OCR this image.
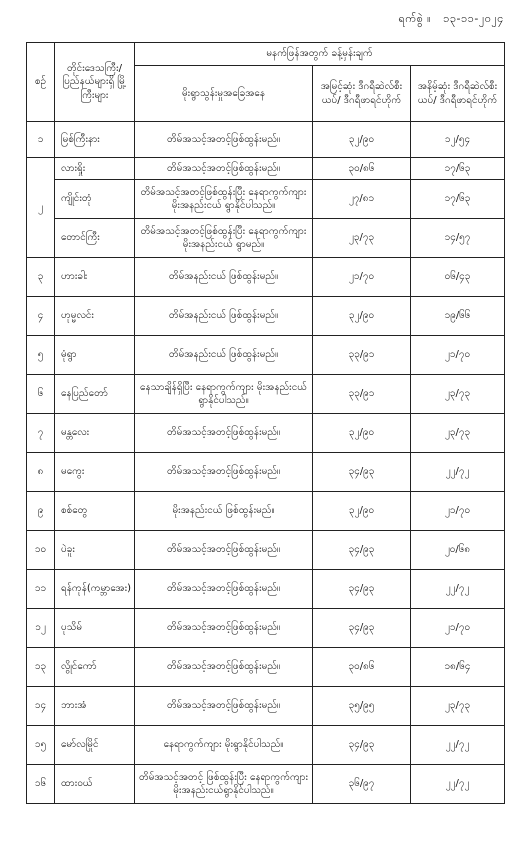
ရက်စွဲ ။ ၁၃-၁၁-၂၀၂၄
စဉ်	တိုင်းဒေသကြီး/ ပြည်နယ်များရှိ မြို့ကြီးများ	မနက်ဖြန်အတွက် ခန့်မှန်းချက်		
		မိုးရွာသွန်းမှုအခြေအနေ	အမြင့်ဆုံး ဒီဂရီဆဲလ်စီးယပ်/ ဒီဂရီဖာရင်ဟိုက်	အနိမ့်ဆုံး ဒီဂရီဆဲလ်စီးယပ်/ ဒီဂရီဖာရင်ဟိုက်
၁	မြစ်ကြီးနား	တိမ်အသင့်အတင့်ဖြစ်ထွန်းမည်။	၃၂/၉၀	၁၂/၅၄
၂	လားရှိုး	တိမ်အသင့်အတင့်ဖြစ်ထွန်းမည်။	၃၀/၈၆	၁၇/၆၃
	ကျိုင်းတုံ	တိမ်အသင့်အတင့်ဖြစ်ထွန်းပြီး နေရာကွက်ကျား မိုးအနည်းငယ် ရွာနိုင်ပါသည်။	၂၇/၈၁	၁၇/၆၃
	တောင်ကြီး	တိမ်အသင့်အတင့်ဖြစ်ထွန်းပြီး နေရာကွက်ကျား မိုးအနည်းငယ် ရွာမည်။	၂၃/၇၃	၁၄/၅၇
၃	ဟားခါး	တိမ်အနည်းငယ် ဖြစ်ထွန်းမည်။	၂၁/၇၀	၀၆/၄၃
၄	ဟုမ္မလင်း	တိမ်အနည်းငယ် ဖြစ်ထွန်းမည်။	၃၂/၉၀	၁၉/၆၆
၅	မုံရွာ	တိမ်အနည်းငယ် ဖြစ်ထွန်းမည်။	၃၃/၉၁	၂၁/၇၀
၆	နေပြည်တော်	နေသာချိန်ရှိပြီး နေရာကွက်ကျား မိုးအနည်းငယ်ရွာနိုင်ပါသည်။	၃၃/၉၁	၂၃/၇၃
၇	မန္တလေး	တိမ်အသင့်အတင့်ဖြစ်ထွန်းမည်။	၃၂/၉၀	၂၃/၇၃
၈	မကွေး	တိမ်အသင့်အတင့်ဖြစ်ထွန်းမည်။	၃၄/၉၃	၂၂/၇၂
၉	စစ်တွေ	မိုးအနည်းငယ် ဖြစ်ထွန်းမည်။	၃၂/၉၀	၂၁/၇၀
၁၀	ပဲခူး	တိမ်အသင့်အတင့်ဖြစ်ထွန်းမည်။	၃၄/၉၃	၂၀/၆၈
၁၁	ရန်ကုန်(ကမ္ဘာအေး)	တိမ်အသင့်အတင့်ဖြစ်ထွန်းမည်။	၃၄/၉၃	၂၂/၇၂
၁၂	ပုသိမ်	တိမ်အသင့်အတင့်ဖြစ်ထွန်းမည်။	၃၄/၉၃	၂၁/၇၀
၁၃	လွိုင်ကော်	တိမ်အသင့်အတင့်ဖြစ်ထွန်းမည်။	၃၀/၈၆	၁၈/၆၄
၁၄	ဘားအံ	တိမ်အသင့်အတင့်ဖြစ်ထွန်းမည်။	၃၅/၉၅	၂၃/၇၃
၁၅	မော်လမြိုင်	နေရာကွက်ကျား မိုးရွာနိုင်ပါသည်။	၃၄/၉၃	၂၂/၇၂
၁၆	ထားဝယ်	တိမ်အသင့်အတင့် ဖြစ်ထွန်းပြီး နေရာကွက်ကျားမိုးအနည်းငယ်ရွာနိုင်ပါသည်။	၃၆/၉၇	၂၂/၇၂
